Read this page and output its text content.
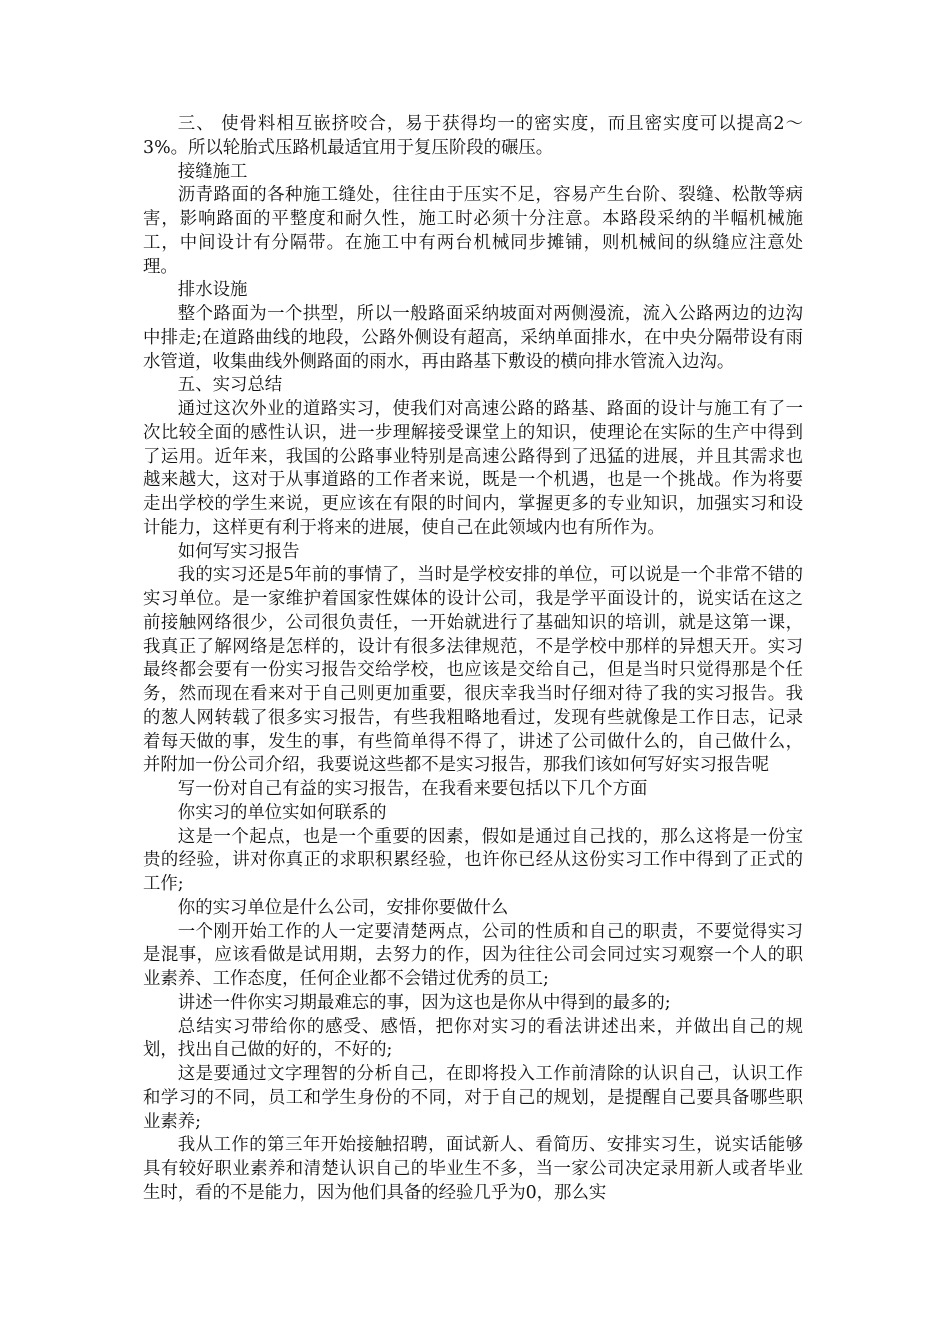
三、 使骨料相互嵌挤咬合，易于获得均一的密实度，而且密实度可以提高2～3%。所以轮胎式压路机最适宜用于复压阶段的碾压。

接缝施工

沥青路面的各种施工缝处，往往由于压实不足，容易产生台阶、裂缝、松散等病害，影响路面的平整度和耐久性，施工时必须十分注意。本路段采纳的半幅机械施工，中间设计有分隔带。在施工中有两台机械同步摊铺，则机械间的纵缝应注意处理。

排水设施

整个路面为一个拱型，所以一般路面采纳坡面对两侧漫流，流入公路两边的边沟中排走;在道路曲线的地段，公路外侧设有超高，采纳单面排水，在中央分隔带设有雨水管道，收集曲线外侧路面的雨水，再由路基下敷设的横向排水管流入边沟。

五、实习总结

通过这次外业的道路实习，使我们对高速公路的路基、路面的设计与施工有了一次比较全面的感性认识，进一步理解接受课堂上的知识，使理论在实际的生产中得到了运用。近年来，我国的公路事业特别是高速公路得到了迅猛的进展，并且其需求也越来越大，这对于从事道路的工作者来说，既是一个机遇，也是一个挑战。作为将要走出学校的学生来说，更应该在有限的时间内，掌握更多的专业知识，加强实习和设计能力，这样更有利于将来的进展，使自己在此领域内也有所作为。

如何写实习报告

我的实习还是5年前的事情了，当时是学校安排的单位，可以说是一个非常不错的实习单位。是一家维护着国家性媒体的设计公司，我是学平面设计的，说实话在这之前接触网络很少，公司很负责任，一开始就进行了基础知识的培训，就是这第一课，我真正了解网络是怎样的，设计有很多法律规范，不是学校中那样的异想天开。实习最终都会要有一份实习报告交给学校，也应该是交给自己，但是当时只觉得那是个任务，然而现在看来对于自己则更加重要，很庆幸我当时仔细对待了我的实习报告。我的葱人网转载了很多实习报告，有些我粗略地看过，发现有些就像是工作日志，记录着每天做的事，发生的事，有些简单得不得了，讲述了公司做什么的，自己做什么，并附加一份公司介绍，我要说这些都不是实习报告，那我们该如何写好实习报告呢

写一份对自己有益的实习报告，在我看来要包括以下几个方面

你实习的单位实如何联系的

这是一个起点，也是一个重要的因素，假如是通过自己找的，那么这将是一份宝贵的经验，讲对你真正的求职积累经验，也许你已经从这份实习工作中得到了正式的工作;

你的实习单位是什么公司，安排你要做什么

一个刚开始工作的人一定要清楚两点，公司的性质和自己的职责，不要觉得实习是混事，应该看做是试用期，去努力的作，因为往往公司会同过实习观察一个人的职业素养、工作态度，任何企业都不会错过优秀的员工;

讲述一件你实习期最难忘的事，因为这也是你从中得到的最多的;

总结实习带给你的感受、感悟，把你对实习的看法讲述出来，并做出自己的规划，找出自己做的好的，不好的;

这是要通过文字理智的分析自己，在即将投入工作前清除的认识自己，认识工作和学习的不同，员工和学生身份的不同，对于自己的规划，是提醒自己要具备哪些职业素养;

我从工作的第三年开始接触招聘，面试新人、看简历、安排实习生，说实话能够具有较好职业素养和清楚认识自己的毕业生不多，当一家公司决定录用新人或者毕业生时，看的不是能力，因为他们具备的经验几乎为0，那么实
